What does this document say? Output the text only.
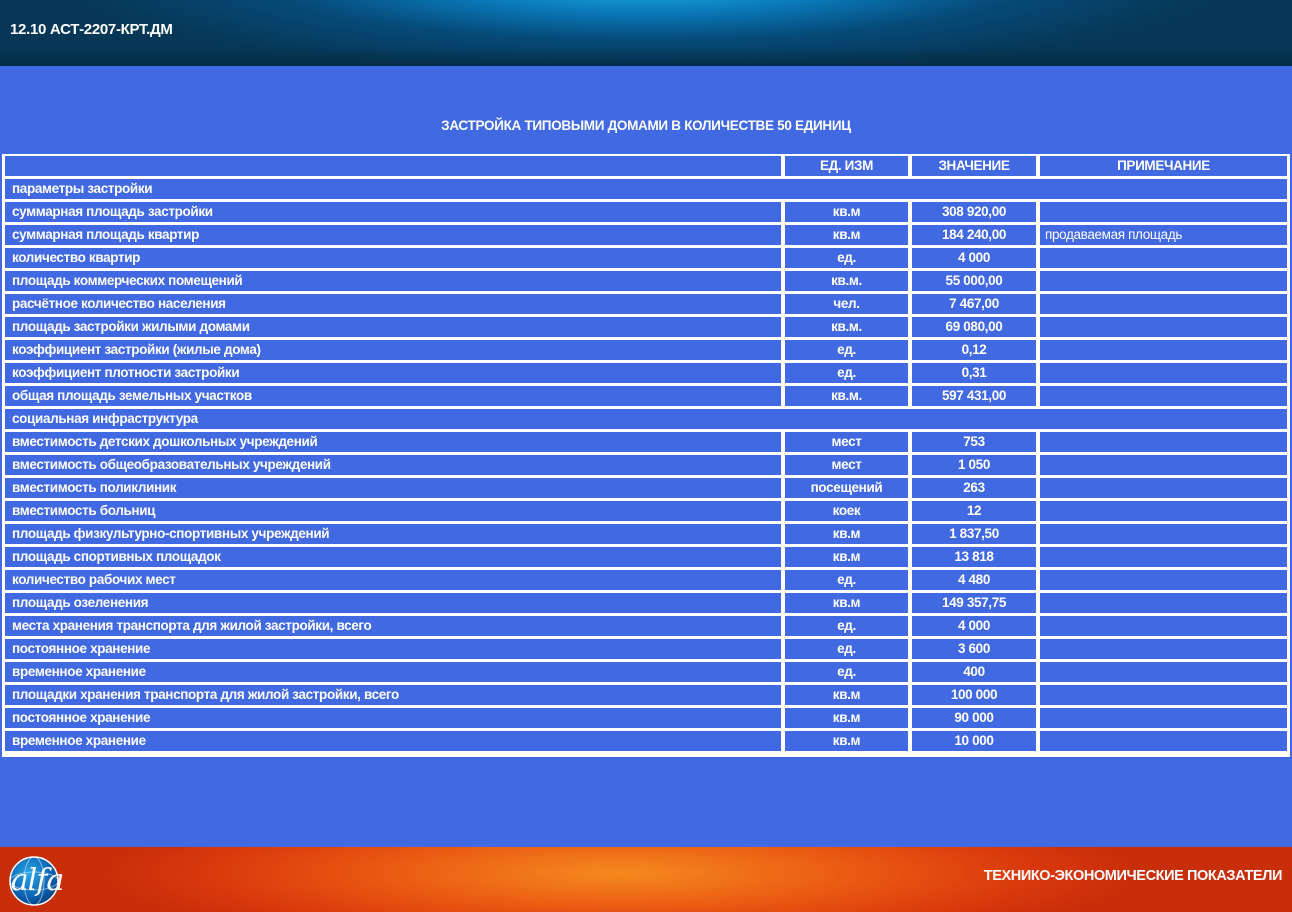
12.10 АСТ-2207-КРТ.ДМ
ЗАСТРОЙКА ТИПОВЫМИ ДОМАМИ В КОЛИЧЕСТВЕ 50 ЕДИНИЦ
	ЕД. ИЗМ	ЗНАЧЕНИЕ	ПРИМЕЧАНИЕ
параметры застройки			
суммарная площадь застройки	кв.м	308 920,00	
суммарная площадь квартир	кв.м	184 240,00	продаваемая площадь
количество квартир	ед.	4 000	
площадь коммерческих помещений	кв.м.	55 000,00	
расчётное количество населения	чел.	7 467,00	
площадь застройки жилыми домами	кв.м.	69 080,00	
коэффициент застройки (жилые дома)	ед.	0,12	
коэффициент плотности застройки	ед.	0,31	
общая площадь земельных участков	кв.м.	597 431,00	
социальная инфраструктура			
вместимость детских дошкольных учреждений	мест	753	
вместимость общеобразовательных учреждений	мест	1 050	
вместимость поликлиник	посещений	263	
вместимость больниц	коек	12	
площадь физкультурно-спортивных учреждений	кв.м	1 837,50	
площадь спортивных площадок	кв.м	13 818	
количество рабочих мест	ед.	4 480	
площадь озеленения	кв.м	149 357,75	
места хранения транспорта для жилой застройки, всего	ед.	4 000	
постоянное хранение	ед.	3 600	
временное хранение	ед.	400	
площадки хранения транспорта для жилой застройки, всего	кв.м	100 000	
постоянное хранение	кв.м	90 000	
временное хранение	кв.м	10 000	
alfa	ТЕХНИКО-ЭКОНОМИЧЕСКИЕ ПОКАЗАТЕЛИ
